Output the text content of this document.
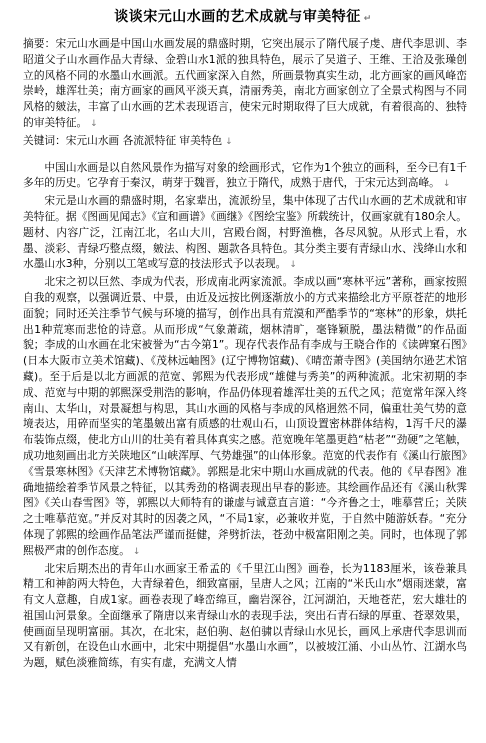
谈谈宋元山水画的艺术成就与审美特征 ↵

摘要：宋元山水画是中国山水画发展的鼎盛时期，它突出展示了隋代展子虔、唐代李思训、李昭道父子山水画作品大青绿、金碧山水1派的独具特色，展示了吴道子、王维、王洽及张璪创立的风格不同的水墨山水画派。五代画家深入自然，所画景物真实生动，北方画家的画风峰峦崇岭，雄浑壮美；南方画家的画风平淡天真，清丽秀美，南北方画家创立了全景式构图与不同风格的皴法，丰富了山水画的艺术表现语言，使宋元时期取得了巨大成就，有着很高的、独特的审美特征。 ↓

关键词：宋元山水画 各流派特征 审美特色 ↓

中国山水画是以自然风景作为描写对象的绘画形式，它作为1个独立的画科，至今已有1千多年的历史。它孕育于秦汉，萌芽于魏晋，独立于隋代，成熟于唐代，于宋元达到高峰。 ↓

宋元是山水画的鼎盛时期，名家辈出，流派纷呈，集中体现了古代山水画的艺术成就和审美特征。据《图画见闻志》《宣和画谱》《画继》《图绘宝鉴》所载统计，仅画家就有180余人。题材、内容广泛，江南江北，名山大川，宫殿台阁，村野渔樵，各尽风貌。从形式上看，水墨、淡彩、青绿巧整点缀，皴法、构图、题款各具特色。其分类主要有青绿山水、浅绛山水和水墨山水3种，分别以工笔或写意的技法形式予以表现。 ↓

北宋之初以巨然、李成为代表，形成南北两家流派。李成以画“寒林平远”著称，画家按照自我的观察，以强调近景、中景，由近及远按比例逐渐放小的方式来描绘北方平原苍茫的地形面貌；同时还关注季节气候与环境的描写，创作出具有荒漠和严酷季节的“寒林”的形象，烘托出1种荒寒而悲怆的诗意。从而形成“气象萧疏，烟林清旷，毫锋颖脱，墨法精微”的作品面貌；李成的山水画在北宋被誉为“古今第1”。现存代表作品有李成与王晓合作的《读碑窠石图》(日本大阪市立美术馆藏)、《茂林远岫图》(辽宁博物馆藏)、《晴峦萧寺图》(美国纳尔逊艺术馆藏)。至于后是以北方画派的范宽、郭熙为代表形成“雄健与秀美”的两种流派。北宋初期的李成、范宽与中期的郭熙深受荆浩的影响，作品仍体现着雄浑壮美的五代之风；范宽常年深入终南山、太华山，对景凝想与构思，其山水画的风格与李成的风格迥然不同，偏重壮美气势的意境表达，用碎而坚实的笔墨皴出富有质感的壮观山石，山顶设置密林群体结构，1泻千尺的瀑布装饰点缀，使北方山川的壮美有着具体真实之感。范宽晚年笔墨更趋“枯老”“劲硬”之笔触，成功地刻画出北方关陕地区“山峡浑厚、气势雄强”的山体形象。范宽的代表作有《溪山行旅图》《雪景寒林图》《天津艺术博物馆藏》。郭熙是北宋中期山水画成就的代表。他的《早春图》准确地描绘着季节风景之特征，以其秀劲的格调表现出早春的影迹。其绘画作品还有《溪山秋霁图》《关山春雪图》等，郭熙以大师特有的谦虚与诚意直言道：“今齐鲁之士，唯摹营丘；关陕之士唯摹范宽。”并反对其时的因袭之风，“不局1家，必兼收并览，于自然中随游妖春。“充分体现了郭熙的绘画作品笔法严谨而挺健，斧劈折法，苍劲中极富阳刚之美。同时，也体现了郭熙极严肃的创作态度。 ↓

北宋后期杰出的青年山水画家王希孟的《千里江山图》画卷，长为1183厘米，该卷兼具精工和神韵两大特色，大青绿着色，细致富丽，呈唐人之风；江南的“米氏山水”烟雨迷蒙，富有文人意趣，自成1家。画卷表现了峰峦绵亘，幽岩深谷，江河湖泊，天地苍茫，宏大雄壮的祖国山河景象。全面继承了隋唐以来青绿山水的表现手法，突出石青石绿的厚重、苍翠效果，使画面呈现明富丽。其次，在北宋，赵伯驹、赵伯骕以青绿山水见长，画风上承唐代李思训而又有新创，在设色山水画中，北宋中期提倡“水墨山水画”，以被坡江涌、小山丛竹、江湖水鸟为题，赋色淡雅简练，有实有虚，充满文人情
